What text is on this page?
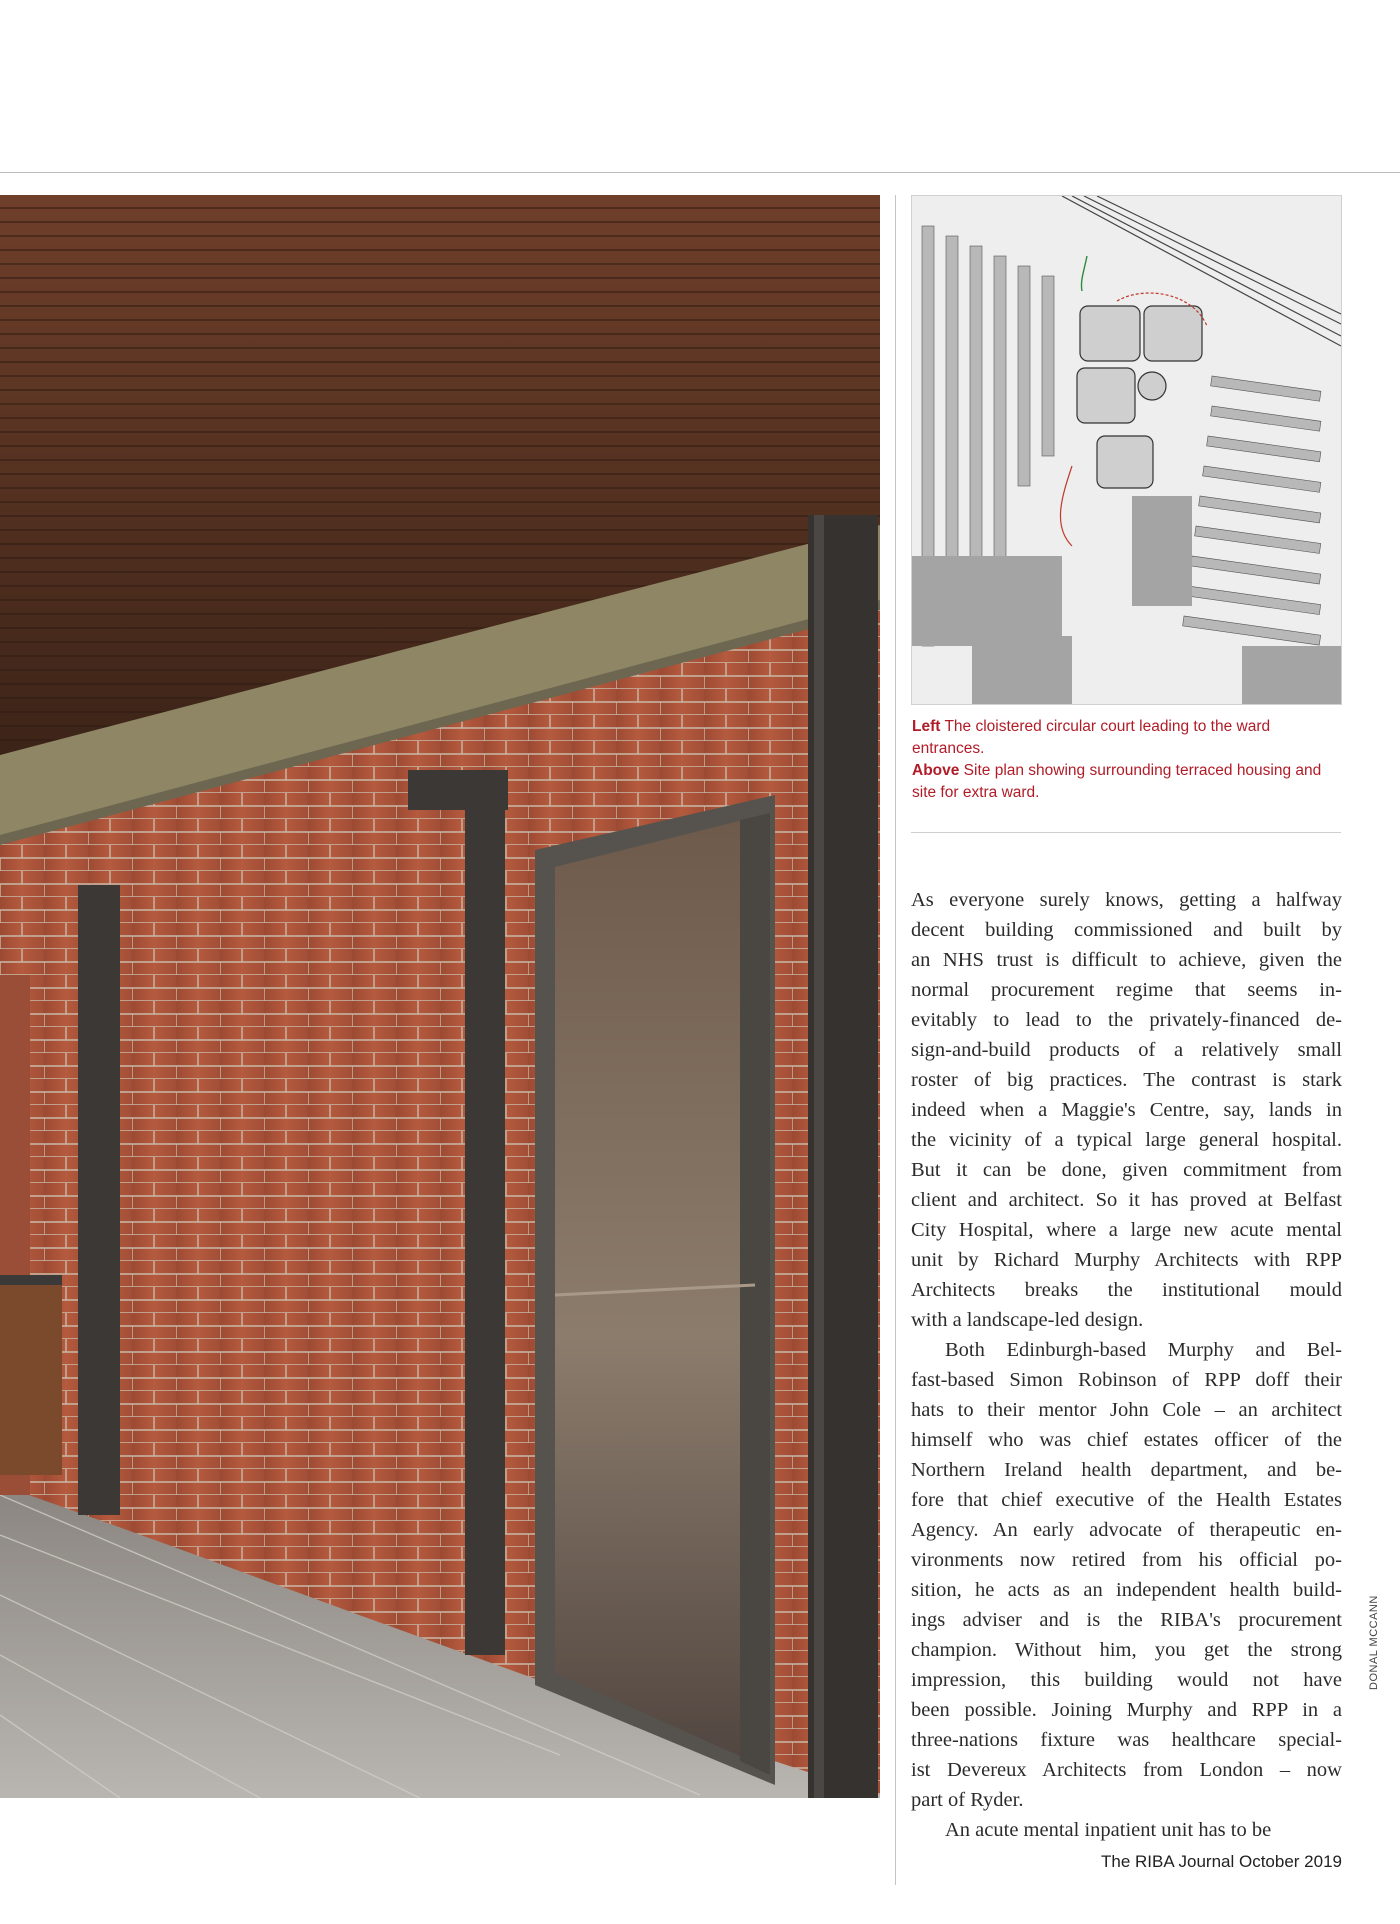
Left The cloistered circular court leading to the ward entrances.

Above Site plan showing surrounding terraced housing and site for extra ward.

As everyone surely knows, getting a halfway
decent building commissioned and built by
an NHS trust is difficult to achieve, given the
normal procurement regime that seems in-
evitably to lead to the privately-financed de-
sign-and-build products of a relatively small
roster of big practices. The contrast is stark
indeed when a Maggie's Centre, say, lands in
the vicinity of a typical large general hospital.
But it can be done, given commitment from
client and architect. So it has proved at Belfast
City Hospital, where a large new acute mental
unit by Richard Murphy Architects with RPP
Architects breaks the institutional mould
with a landscape-led design.
Both Edinburgh-based Murphy and Bel-
fast-based Simon Robinson of RPP doff their
hats to their mentor John Cole – an architect
himself who was chief estates officer of the
Northern Ireland health department, and be-
fore that chief executive of the Health Estates
Agency. An early advocate of therapeutic en-
vironments now retired from his official po-
sition, he acts as an independent health build-
ings adviser and is the RIBA's procurement
champion. Without him, you get the strong
impression, this building would not have
been possible. Joining Murphy and RPP in a
three-nations fixture was healthcare special-
ist Devereux Architects from London – now
part of Ryder.
An acute mental inpatient unit has to be
DONAL MCCANN
The RIBA Journal October 2019
